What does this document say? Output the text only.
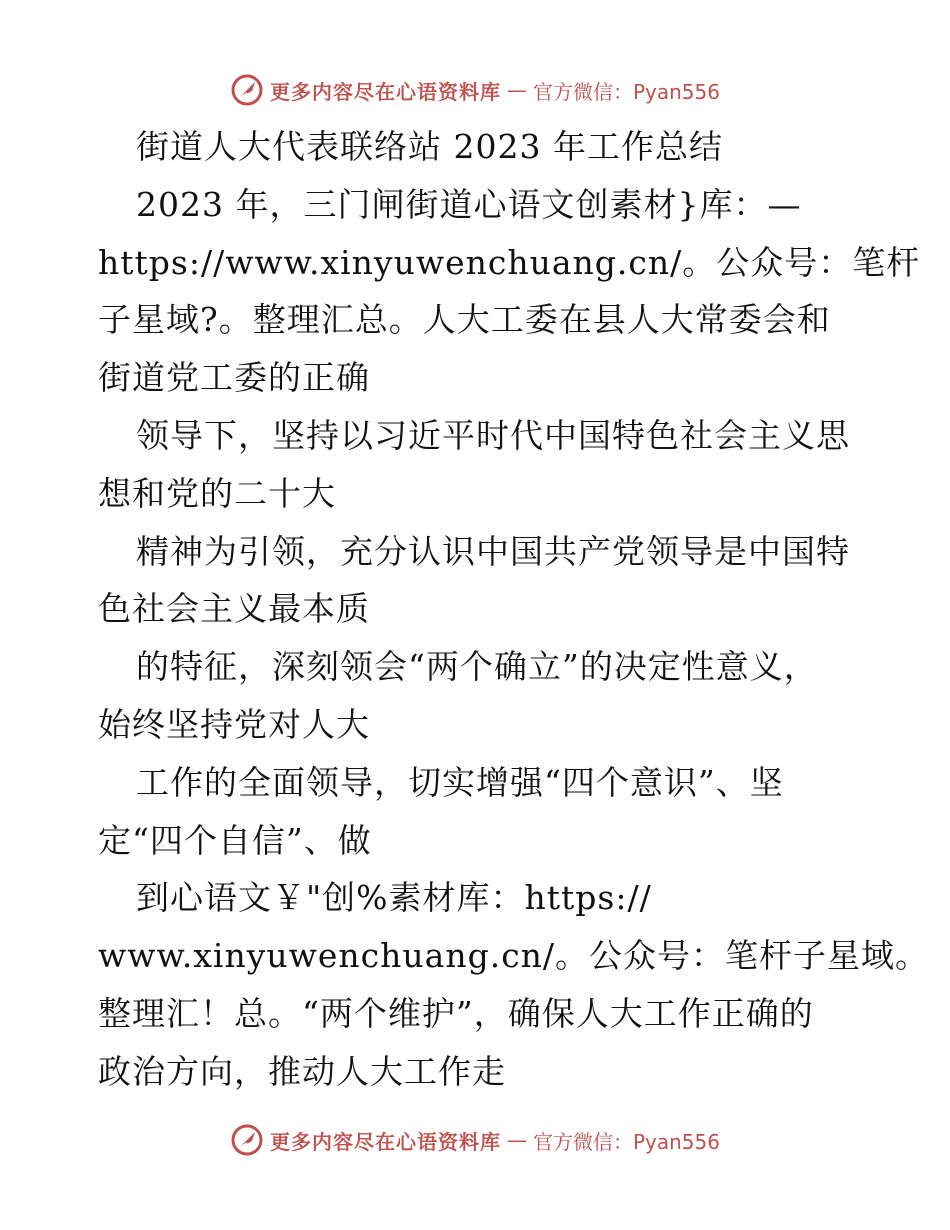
更多内容尽在心语资料库 — 官方微信：Pyan556
街道人大代表联络站 2023 年工作总结
2023 年，三门闸街道心语文创素材}库：—
https://www.xinyuwenchuang.cn/。公众号：笔杆
子星域?。整理汇总。人大工委在县人大常委会和
街道党工委的正确
领导下，坚持以习近平时代中国特色社会主义思
想和党的二十大
精神为引领，充分认识中国共产党领导是中国特
色社会主义最本质
的特征，深刻领会“两个确立”的决定性意义，
始终坚持党对人大
工作的全面领导，切实增强“四个意识”、坚
定“四个自信”、做
到心语文￥"创%素材库：https://
www.xinyuwenchuang.cn/。公众号：笔杆子星域。
整理汇！总。“两个维护”，确保人大工作正确的
政治方向，推动人大工作走
更多内容尽在心语资料库 — 官方微信：Pyan556
